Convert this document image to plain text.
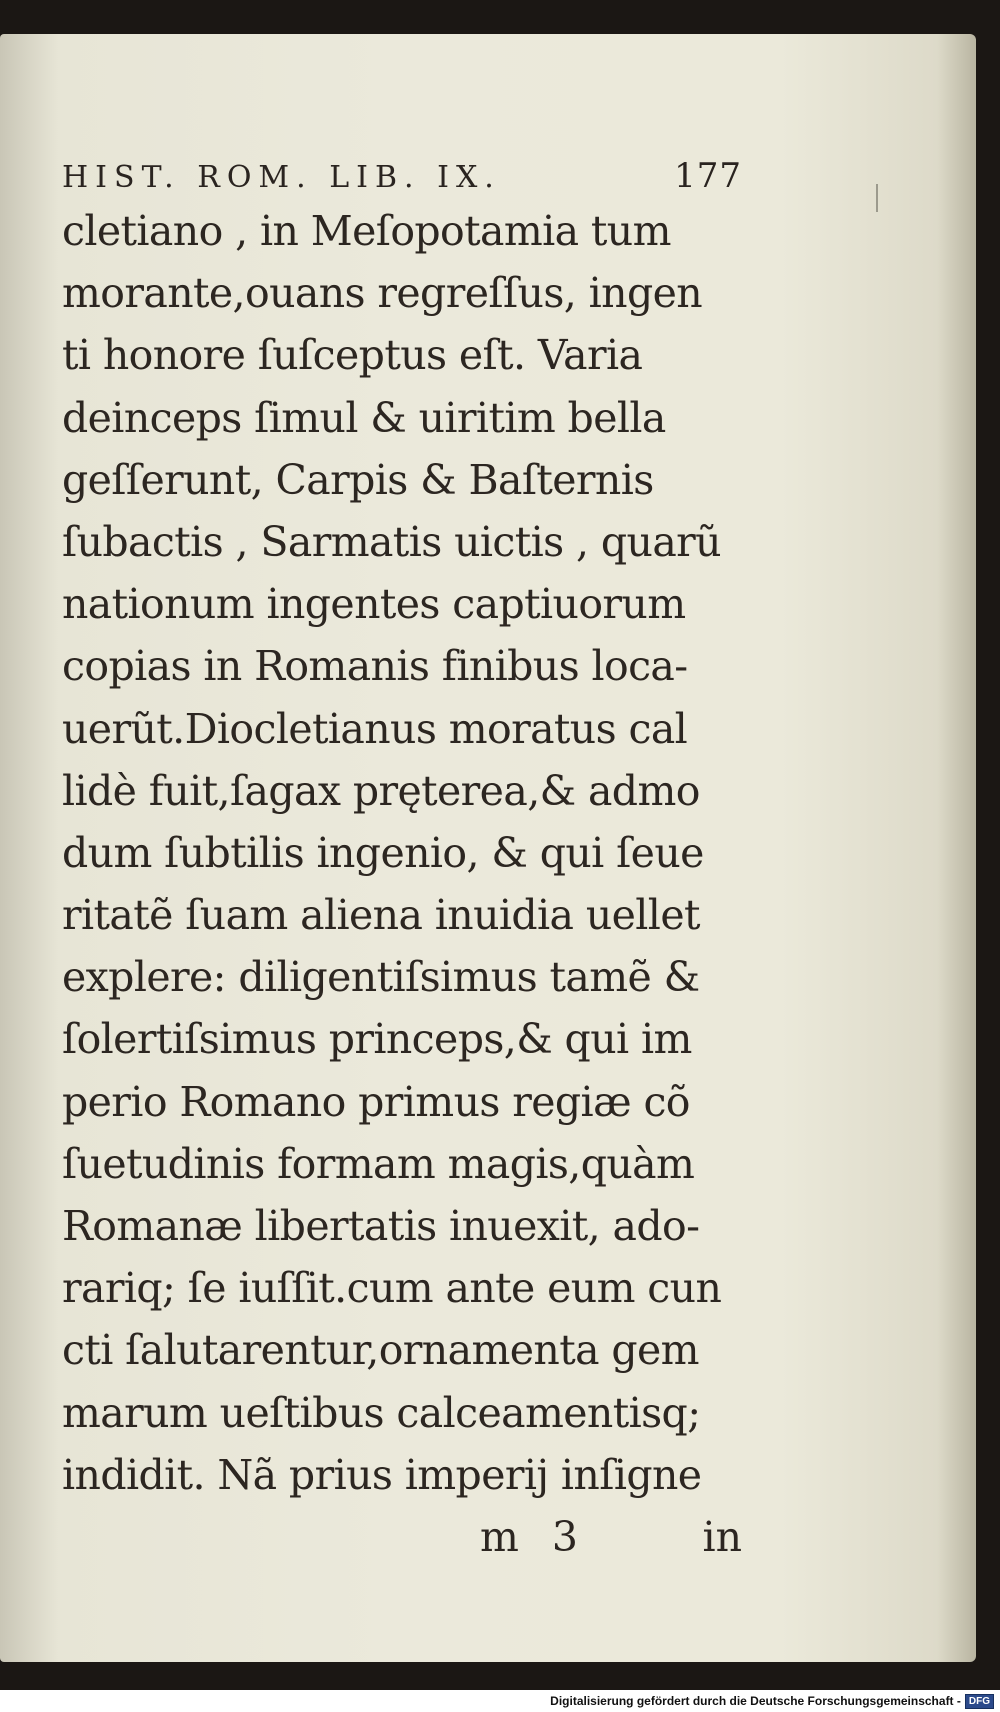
HIST. ROM. LIB. IX.	177
cletiano , in Meſopotamia tum
morante,ouans regreſſus, ingen
ti honore ſuſceptus eſt. Varia
deinceps ſimul & uiritim bella
geſſerunt, Carpis & Baſternis
ſubactis , Sarmatis uictis , quarũ
nationum ingentes captiuorum
copias in Romanis finibus loca-
uerũt.Diocletianus moratus cal
lidè fuit,ſagax pręterea,& admo
dum ſubtilis ingenio, & qui ſeue
ritatẽ ſuam aliena inuidia uellet
explere: diligentiſsimus tamẽ &
ſolertiſsimus princeps,& qui im
perio Romano primus regiæ cõ
ſuetudinis formam magis,quàm
Romanæ libertatis inuexit, ado-
rariq; ſe iuſſit.cum ante eum cun
cti ſalutarentur,ornamenta gem
marum ueſtibus calceamentisq;
indidit. Nã prius imperij inſigne
m 3	in
Digitalisierung gefördert durch die Deutsche Forschungsgemeinschaft - DFG
